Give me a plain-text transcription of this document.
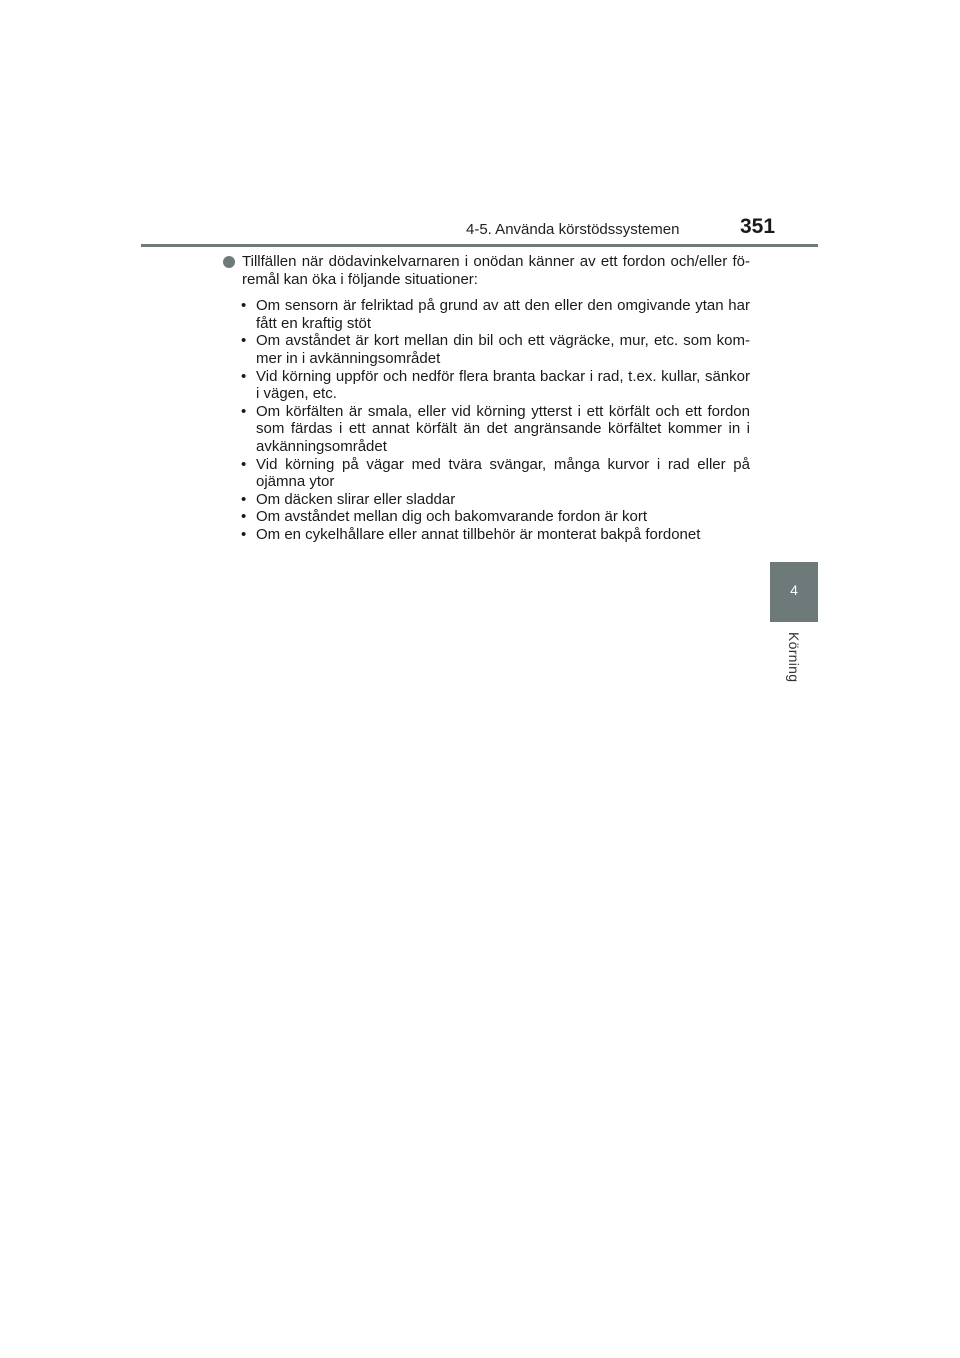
4-5. Använda körstödssystemen	351
4
Körning
Tillfällen när dödavinkelvarnaren i onödan känner av ett fordon och/eller fö- remål kan öka i följande situationer:
• Om sensorn är felriktad på grund av att den eller den omgivande ytan har fått en kraftig stöt
• Om avståndet är kort mellan din bil och ett vägräcke, mur, etc. som kom- mer in i avkänningsområdet
• Vid körning uppför och nedför flera branta backar i rad, t.ex. kullar, sänkor i vägen, etc.
• Om körfälten är smala, eller vid körning ytterst i ett körfält och ett fordon som färdas i ett annat körfält än det angränsande körfältet kommer in i avkänningsområdet
• Vid körning på vägar med tvära svängar, många kurvor i rad eller på ojämna ytor
• Om däcken slirar eller sladdar
• Om avståndet mellan dig och bakomvarande fordon är kort
• Om en cykelhållare eller annat tillbehör är monterat bakpå fordonet
